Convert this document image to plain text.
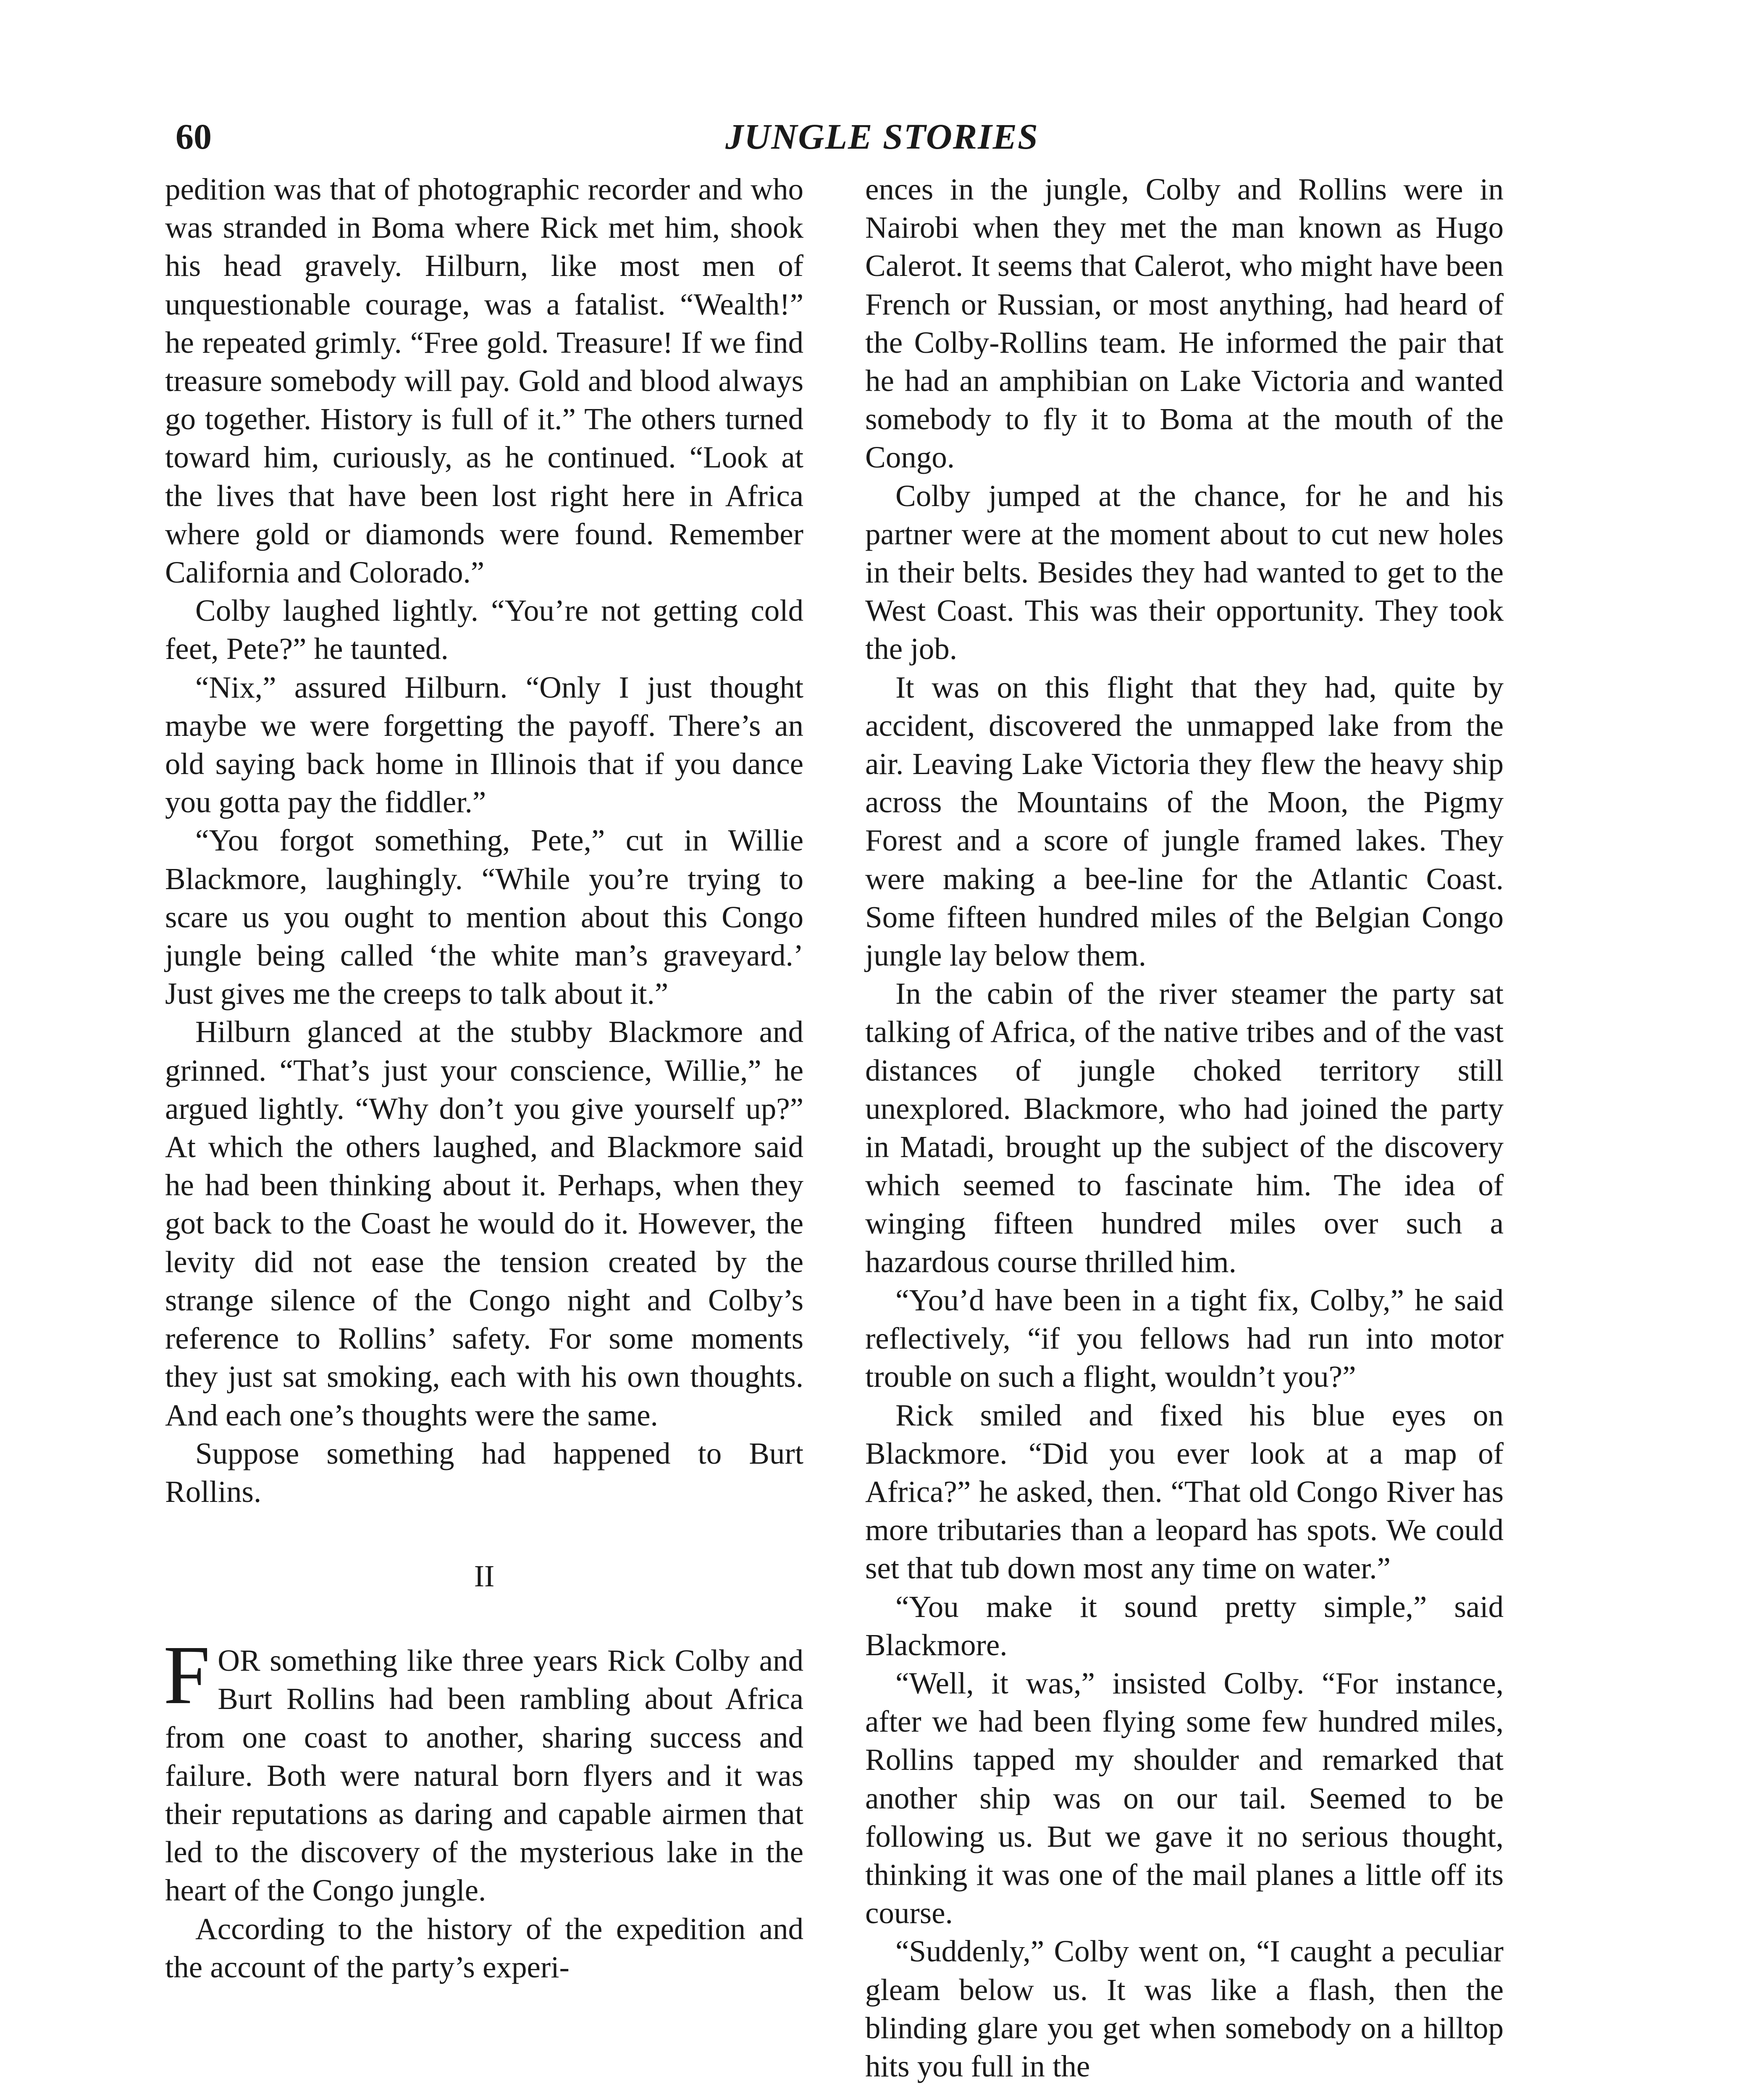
60	JUNGLE STORIES

pedition was that of photographic recorder and who was stranded in Boma where Rick met him, shook his head gravely. Hilburn, like most men of unquestionable courage, was a fatalist. “Wealth!” he repeated grimly. “Free gold. Treasure! If we find treasure somebody will pay. Gold and blood always go together. History is full of it.” The others turned toward him, curiously, as he continued. “Look at the lives that have been lost right here in Africa where gold or diamonds were found. Remember California and Colorado.”

Colby laughed lightly. “You’re not getting cold feet, Pete?” he taunted.

“Nix,” assured Hilburn. “Only I just thought maybe we were forgetting the payoff. There’s an old saying back home in Illinois that if you dance you gotta pay the fiddler.”

“You forgot something, Pete,” cut in Willie Blackmore, laughingly. “While you’re trying to scare us you ought to mention about this Congo jungle being called ‘the white man’s graveyard.’ Just gives me the creeps to talk about it.”

Hilburn glanced at the stubby Blackmore and grinned. “That’s just your conscience, Willie,” he argued lightly. “Why don’t you give yourself up?” At which the others laughed, and Blackmore said he had been thinking about it. Perhaps, when they got back to the Coast he would do it. However, the levity did not ease the tension created by the strange silence of the Congo night and Colby’s reference to Rollins’ safety. For some moments they just sat smoking, each with his own thoughts. And each one’s thoughts were the same.

Suppose something had happened to Burt Rollins.

II

FOR something like three years Rick Colby and Burt Rollins had been rambling about Africa from one coast to another, sharing success and failure. Both were natural born flyers and it was their reputations as daring and capable airmen that led to the discovery of the mysterious lake in the heart of the Congo jungle.

According to the history of the expedition and the account of the party’s experi-

ences in the jungle, Colby and Rollins were in Nairobi when they met the man known as Hugo Calerot. It seems that Calerot, who might have been French or Russian, or most anything, had heard of the Colby-Rollins team. He informed the pair that he had an amphibian on Lake Victoria and wanted somebody to fly it to Boma at the mouth of the Congo.

Colby jumped at the chance, for he and his partner were at the moment about to cut new holes in their belts. Besides they had wanted to get to the West Coast. This was their opportunity. They took the job.

It was on this flight that they had, quite by accident, discovered the unmapped lake from the air. Leaving Lake Victoria they flew the heavy ship across the Mountains of the Moon, the Pigmy Forest and a score of jungle framed lakes. They were making a bee-line for the Atlantic Coast. Some fifteen hundred miles of the Belgian Congo jungle lay below them.

In the cabin of the river steamer the party sat talking of Africa, of the native tribes and of the vast distances of jungle choked territory still unexplored. Blackmore, who had joined the party in Matadi, brought up the subject of the discovery which seemed to fascinate him. The idea of winging fifteen hundred miles over such a hazardous course thrilled him.

“You’d have been in a tight fix, Colby,” he said reflectively, “if you fellows had run into motor trouble on such a flight, wouldn’t you?”

Rick smiled and fixed his blue eyes on Blackmore. “Did you ever look at a map of Africa?” he asked, then. “That old Congo River has more tributaries than a leopard has spots. We could set that tub down most any time on water.”

“You make it sound pretty simple,” said Blackmore.

“Well, it was,” insisted Colby. “For instance, after we had been flying some few hundred miles, Rollins tapped my shoulder and remarked that another ship was on our tail. Seemed to be following us. But we gave it no serious thought, thinking it was one of the mail planes a little off its course.

“Suddenly,” Colby went on, “I caught a peculiar gleam below us. It was like a flash, then the blinding glare you get when somebody on a hilltop hits you full in the
